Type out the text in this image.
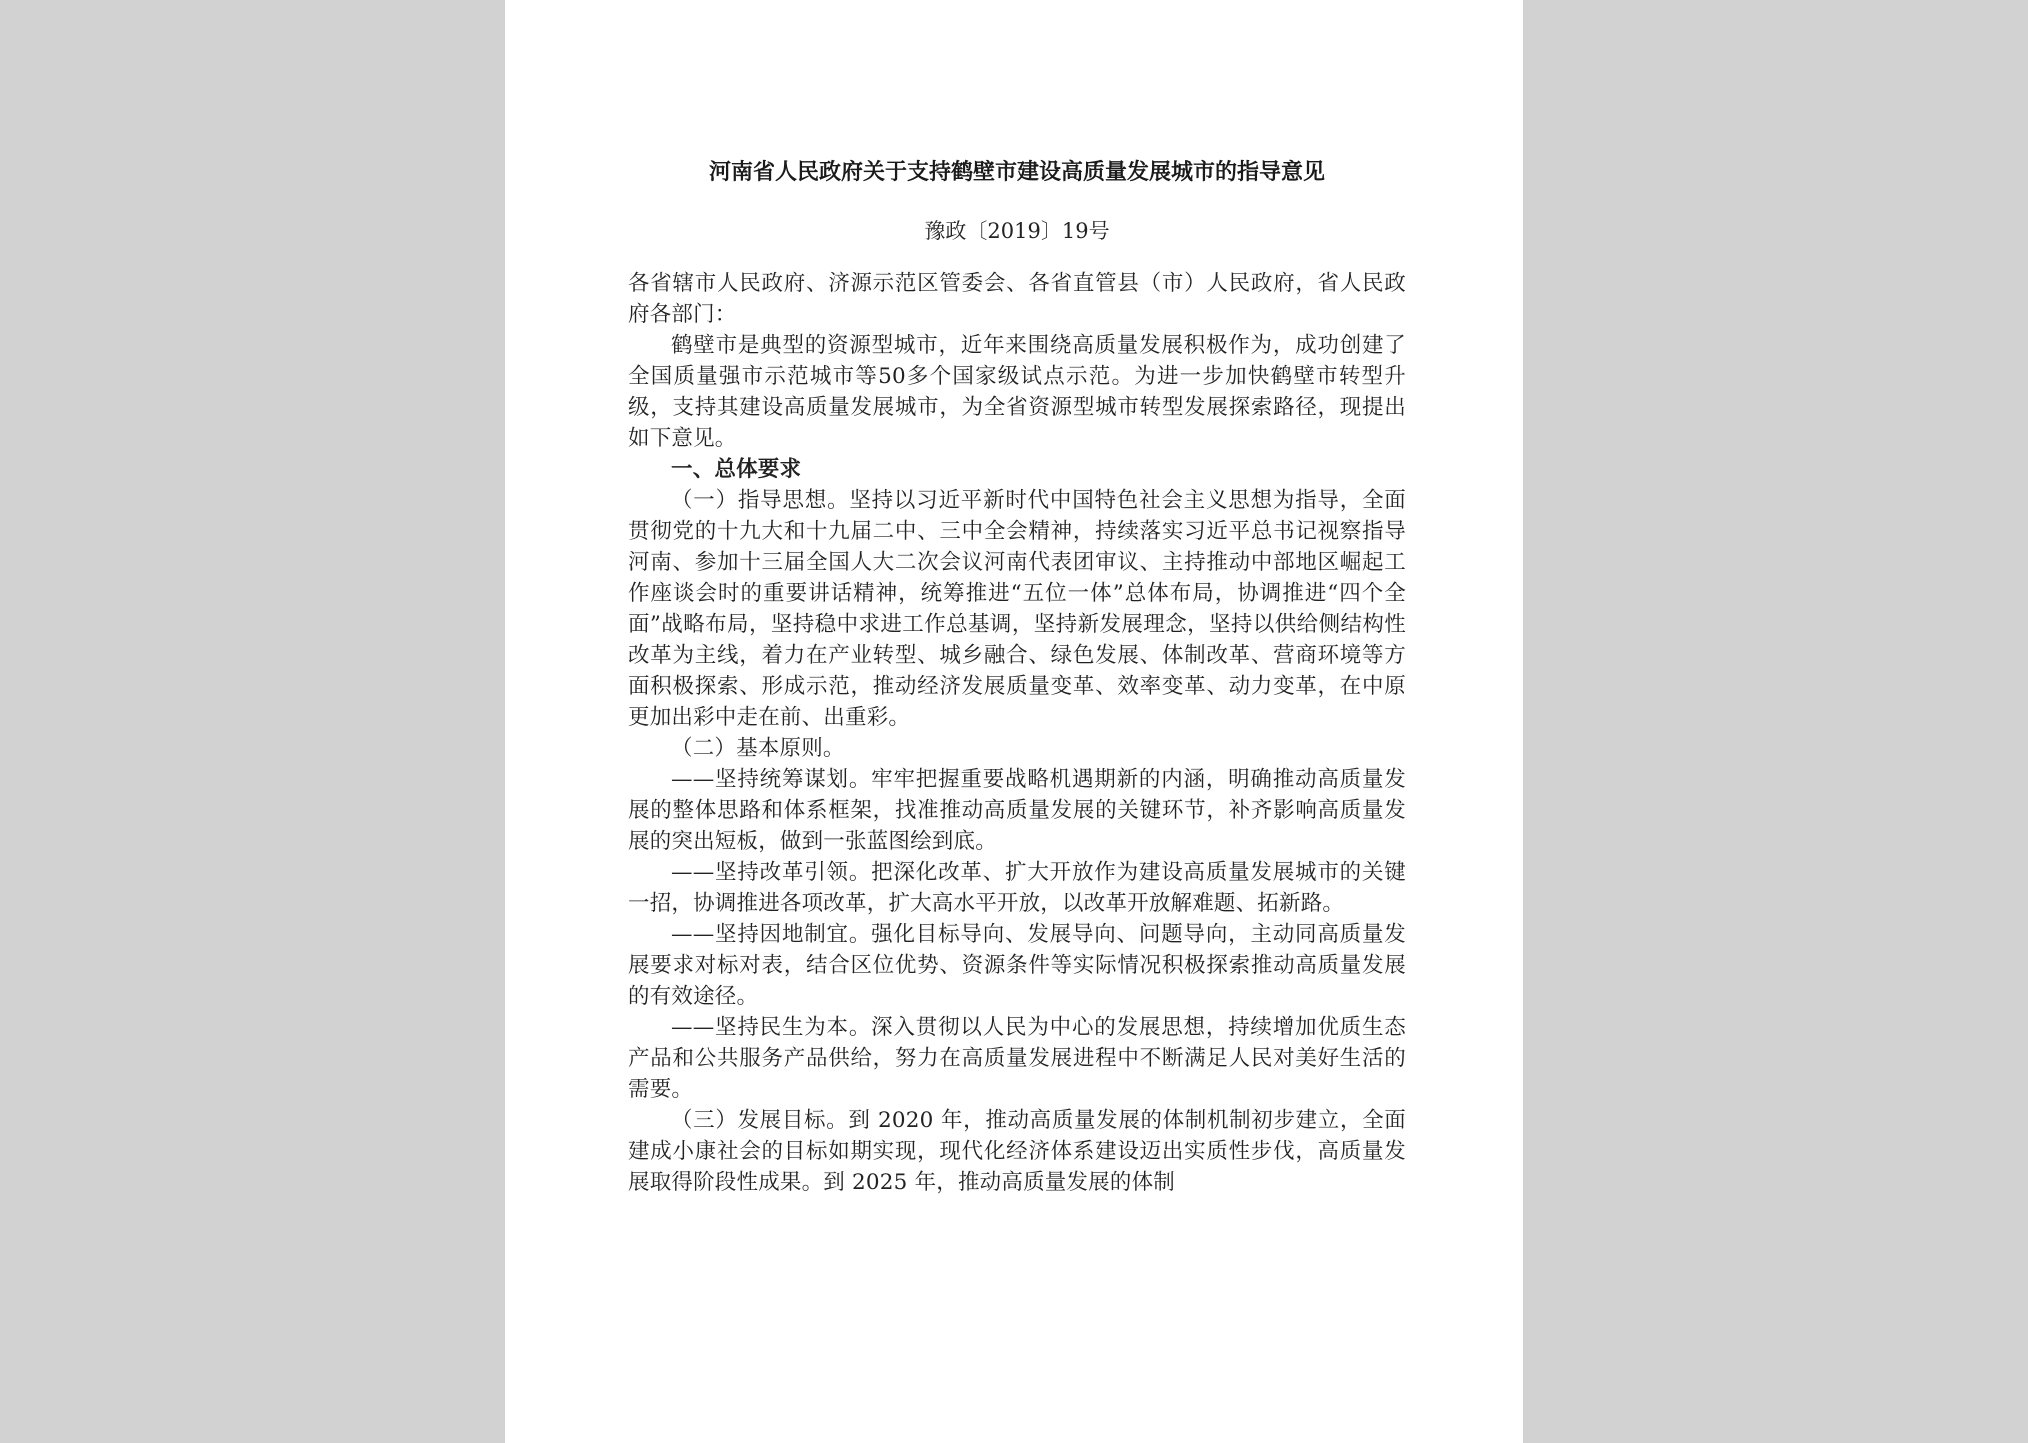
河南省人民政府关于支持鹤壁市建设高质量发展城市的指导意见
豫政〔2019〕19号

各省辖市人民政府、济源示范区管委会、各省直管县（市）人民政府，省人民政府各部门：

鹤壁市是典型的资源型城市，近年来围绕高质量发展积极作为，成功创建了全国质量强市示范城市等50多个国家级试点示范。为进一步加快鹤壁市转型升级，支持其建设高质量发展城市，为全省资源型城市转型发展探索路径，现提出如下意见。

一、总体要求

（一）指导思想。坚持以习近平新时代中国特色社会主义思想为指导，全面贯彻党的十九大和十九届二中、三中全会精神，持续落实习近平总书记视察指导河南、参加十三届全国人大二次会议河南代表团审议、主持推动中部地区崛起工作座谈会时的重要讲话精神，统筹推进“五位一体”总体布局，协调推进“四个全面”战略布局，坚持稳中求进工作总基调，坚持新发展理念，坚持以供给侧结构性改革为主线，着力在产业转型、城乡融合、绿色发展、体制改革、营商环境等方面积极探索、形成示范，推动经济发展质量变革、效率变革、动力变革，在中原更加出彩中走在前、出重彩。

（二）基本原则。

——坚持统筹谋划。牢牢把握重要战略机遇期新的内涵，明确推动高质量发展的整体思路和体系框架，找准推动高质量发展的关键环节，补齐影响高质量发展的突出短板，做到一张蓝图绘到底。

——坚持改革引领。把深化改革、扩大开放作为建设高质量发展城市的关键一招，协调推进各项改革，扩大高水平开放，以改革开放解难题、拓新路。

——坚持因地制宜。强化目标导向、发展导向、问题导向，主动同高质量发展要求对标对表，结合区位优势、资源条件等实际情况积极探索推动高质量发展的有效途径。

——坚持民生为本。深入贯彻以人民为中心的发展思想，持续增加优质生态产品和公共服务产品供给，努力在高质量发展进程中不断满足人民对美好生活的需要。

（三）发展目标。到 2020 年，推动高质量发展的体制机制初步建立，全面建成小康社会的目标如期实现，现代化经济体系建设迈出实质性步伐，高质量发展取得阶段性成果。到 2025 年，推动高质量发展的体制
